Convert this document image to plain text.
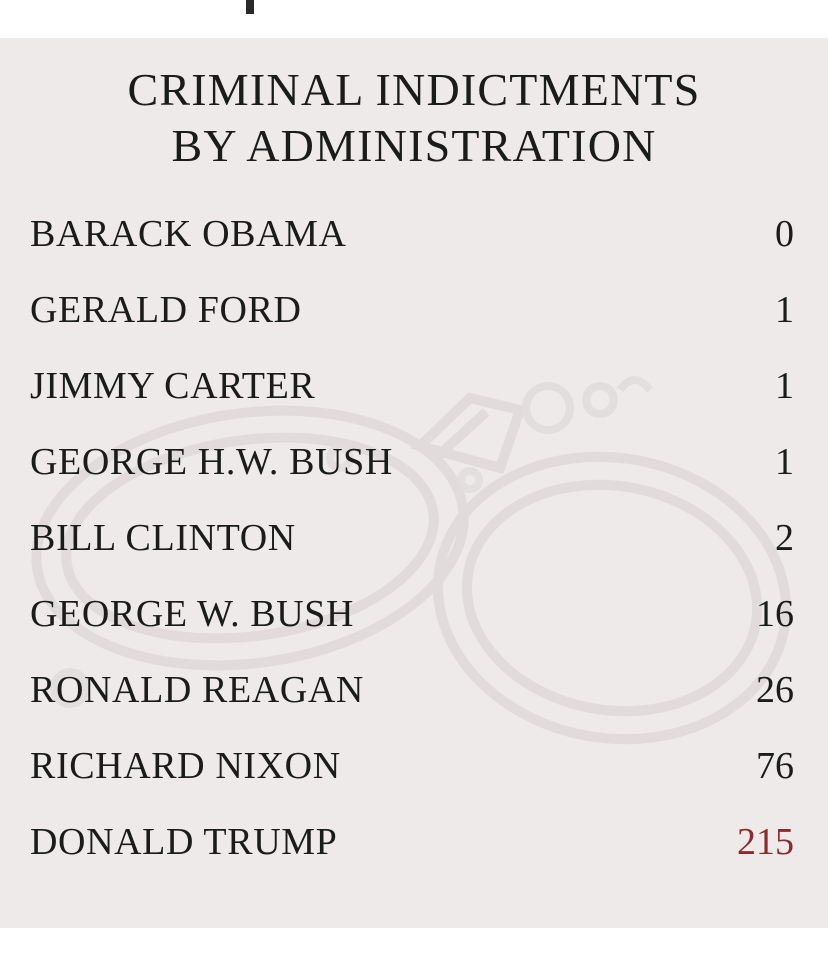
CRIMINAL INDICTMENTS
BY ADMINISTRATION
BARACK OBAMA	0
GERALD FORD	1
JIMMY CARTER	1
GEORGE H.W. BUSH	1
BILL CLINTON	2
GEORGE W. BUSH	16
RONALD REAGAN	26
RICHARD NIXON	76
DONALD TRUMP	215
